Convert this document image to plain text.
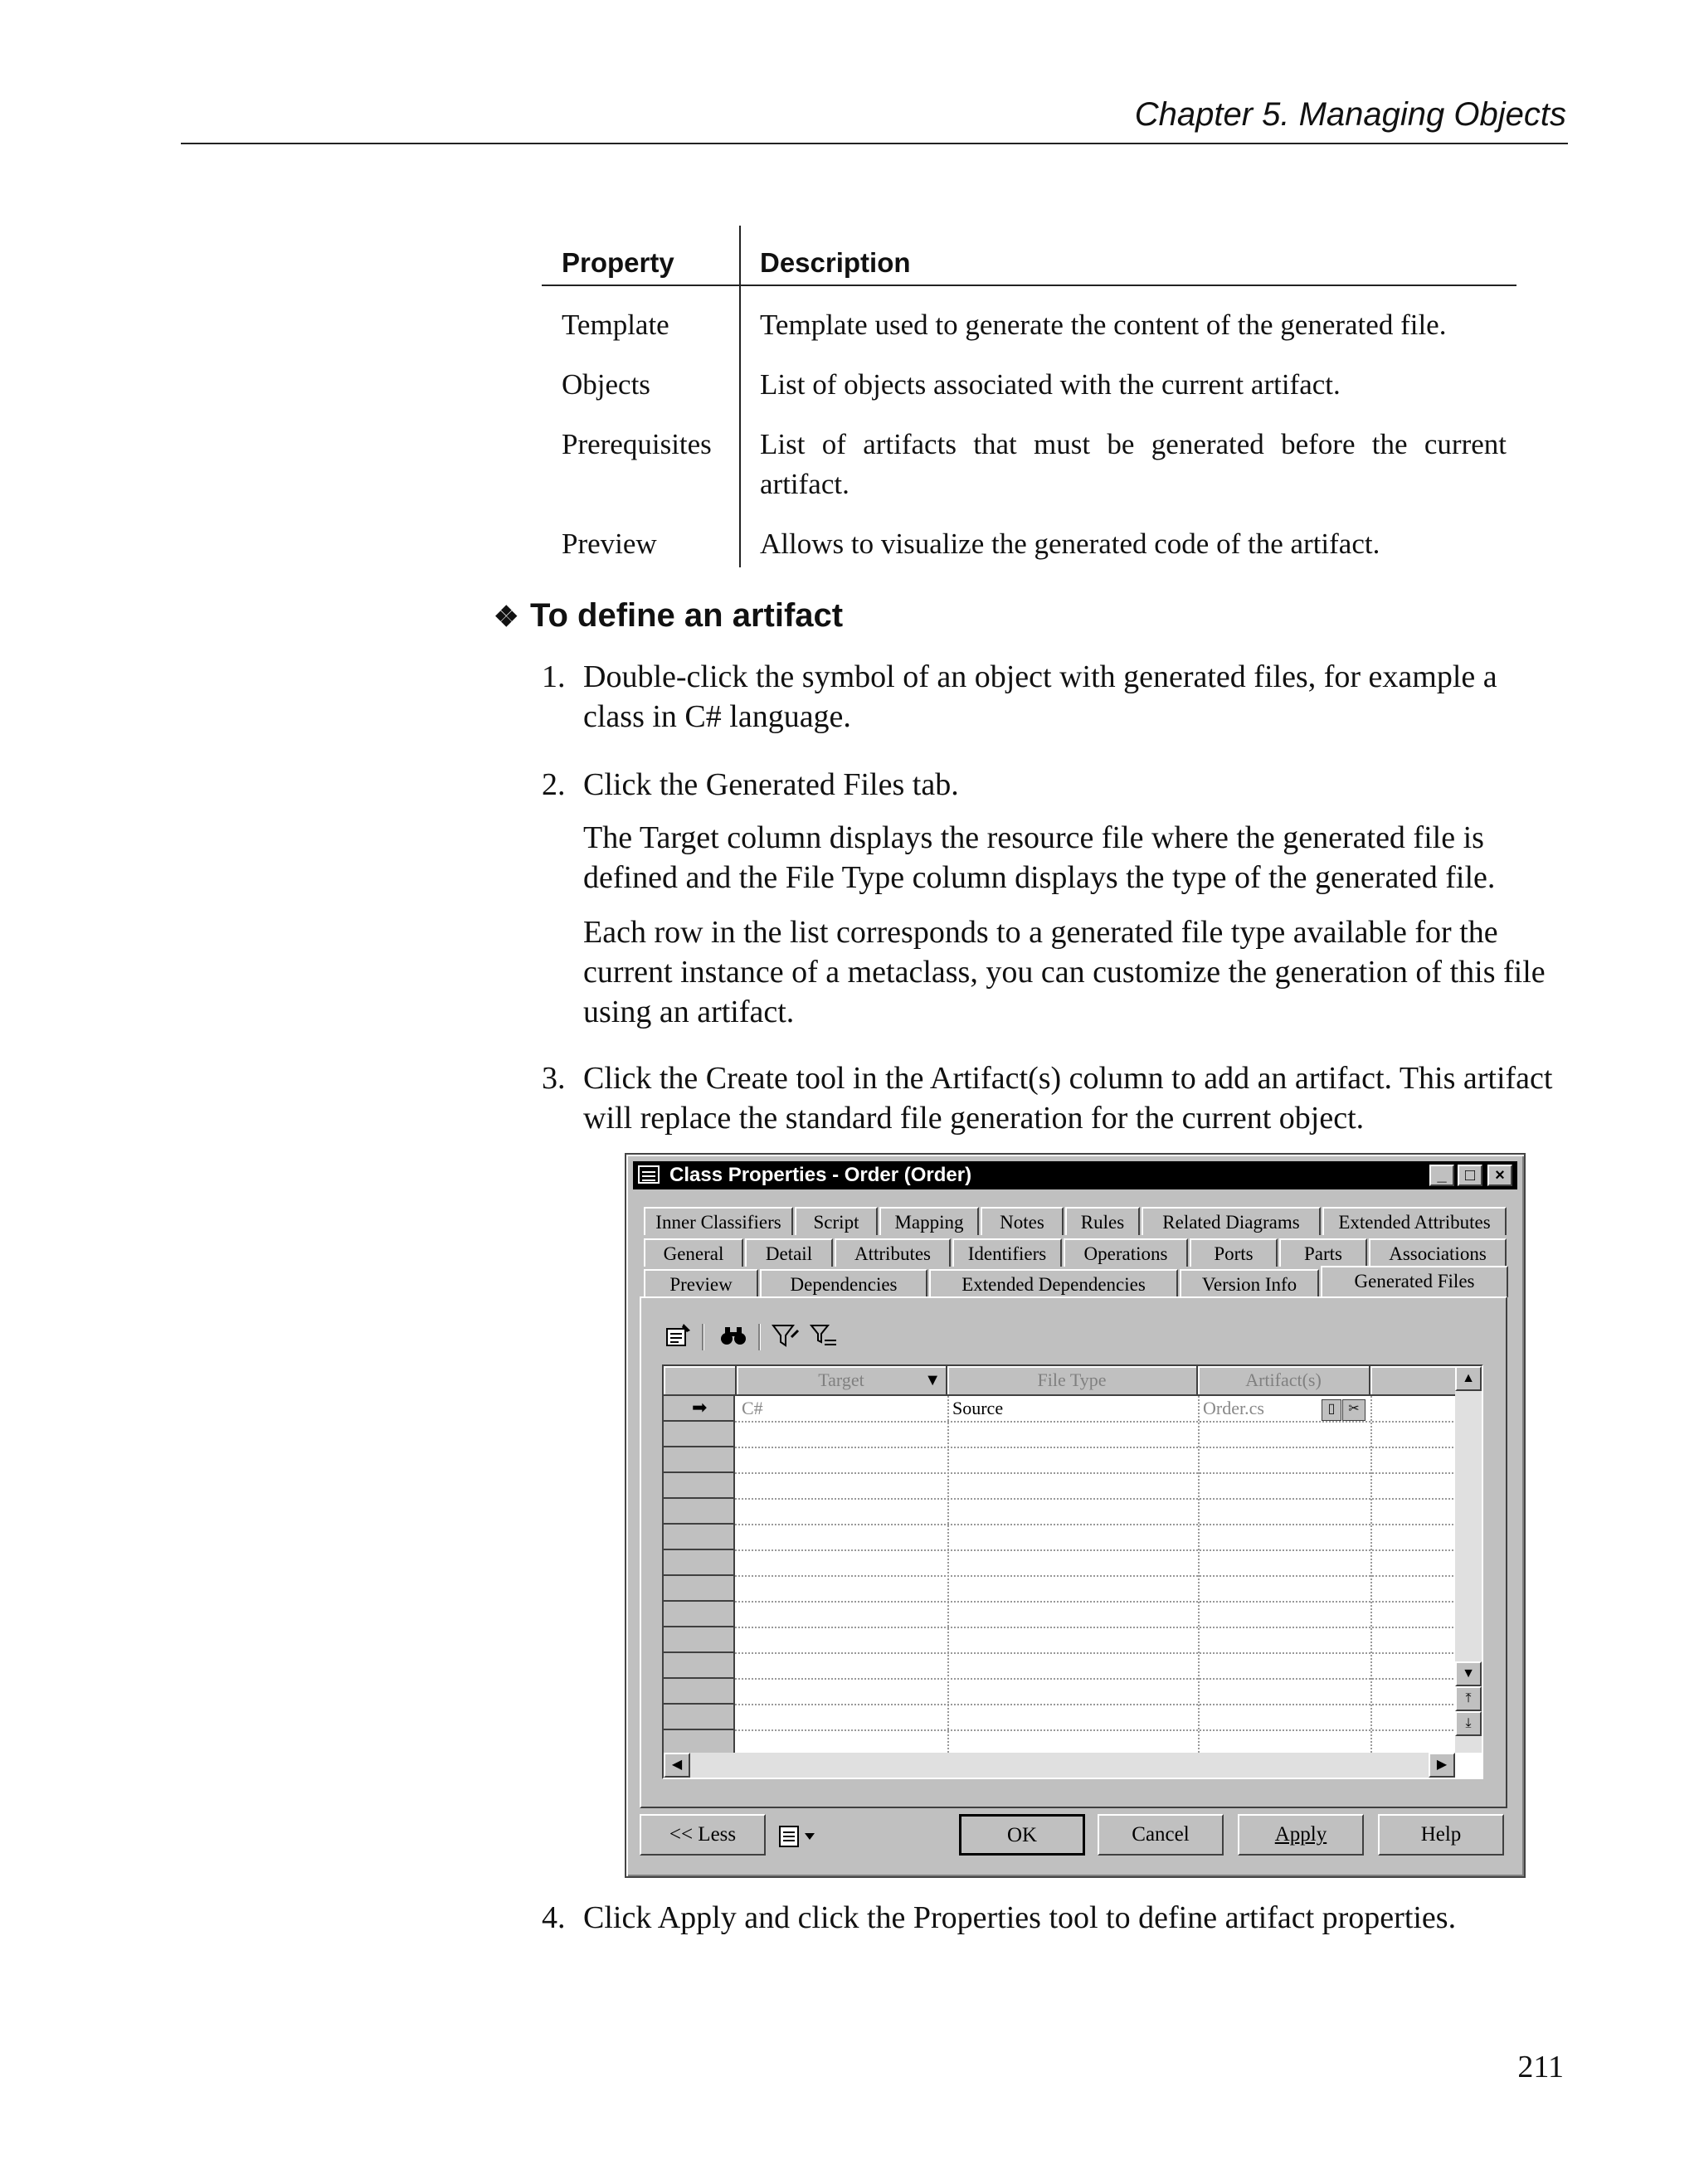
Chapter 5. Managing Objects
Property	Description
Template	Template used to generate the content of the generated file.
Objects	List of objects associated with the current artifact.
Prerequisites List of artifacts that must be generated before the current artifact.
Preview	Allows to visualize the generated code of the artifact.
❖ To define an artifact
1. Double-click the symbol of an object with generated files, for example a class in C# language.
2. Click the Generated Files tab.
The Target column displays the resource file where the generated file is defined and the File Type column displays the type of the generated file.
Each row in the list corresponds to a generated file type available for the current instance of a metaclass, you can customize the generation of this file using an artifact.
3. Click the Create tool in the Artifact(s) column to add an artifact. This artifact will replace the standard file generation for the current object.
Class Properties - Order (Order)	_	□	×
Inner Classifiers	Script	Mapping	Notes	Rules	Related Diagrams	Extended Attributes
General	Detail	Attributes	Identifiers	Operations	Ports	Parts	Associations
Preview	Dependencies	Extended Dependencies	Version Info	Generated Files
Target	▼	File Type	Artifact(s)
➡ C#	Source	Order.cs	▯ ✂
▲
▼
⤒
⤓
◀	▶
<< Less	OK	Cancel	Apply	Help
4. Click Apply and click the Properties tool to define artifact properties.
211
